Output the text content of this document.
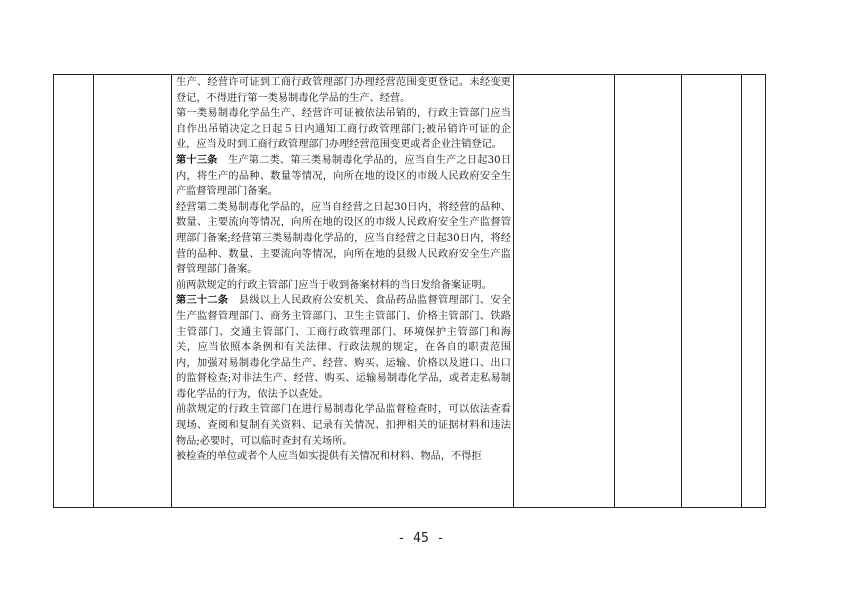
生产、经营许可证到工商行政管理部门办理经营范围变更登记。未经变更登记，不得进行第一类易制毒化学品的生产、经营。

第一类易制毒化学品生产、经营许可证被依法吊销的，行政主管部门应当自作出吊销决定之日起５日内通知工商行政管理部门;被吊销许可证的企业，应当及时到工商行政管理部门办理经营范围变更或者企业注销登记。

第十三条　生产第二类、第三类易制毒化学品的，应当自生产之日起30日内，将生产的品种、数量等情况，向所在地的设区的市级人民政府安全生产监督管理部门备案。

经营第二类易制毒化学品的，应当自经营之日起30日内，将经营的品种、数量、主要流向等情况，向所在地的设区的市级人民政府安全生产监督管理部门备案;经营第三类易制毒化学品的，应当自经营之日起30日内，将经营的品种、数量、主要流向等情况，向所在地的县级人民政府安全生产监督管理部门备案。

前两款规定的行政主管部门应当于收到备案材料的当日发给备案证明。

第三十二条　县级以上人民政府公安机关、食品药品监督管理部门、安全生产监督管理部门、商务主管部门、卫生主管部门、价格主管部门、铁路主管部门、交通主管部门、工商行政管理部门、环境保护主管部门和海关，应当依照本条例和有关法律、行政法规的规定，在各自的职责范围内，加强对易制毒化学品生产、经营、购买、运输、价格以及进口、出口的监督检查;对非法生产、经营、购买、运输易制毒化学品，或者走私易制毒化学品的行为，依法予以查处。

前款规定的行政主管部门在进行易制毒化学品监督检查时，可以依法查看现场、查阅和复制有关资料、记录有关情况、扣押相关的证据材料和违法物品;必要时，可以临时查封有关场所。

被检查的单位或者个人应当如实提供有关情况和材料、物品，不得拒

- 45 -
